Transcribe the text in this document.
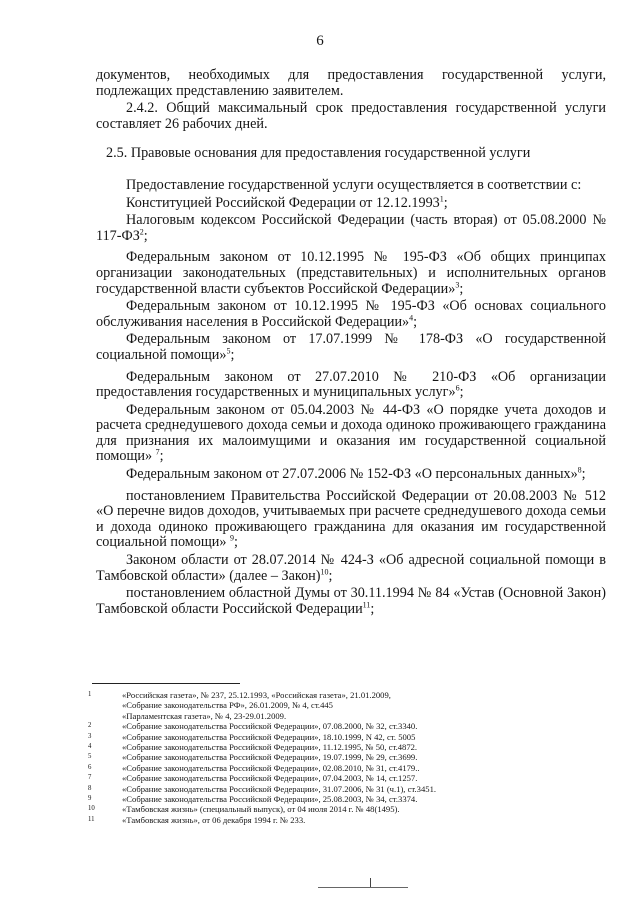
6

документов, необходимых для предоставления государственной услуги, подлежащих представлению заявителем.

2.4.2. Общий максимальный срок предоставления государственной услуги составляет 26 рабочих дней.

2.5. Правовые основания для предоставления государственной услуги

Предоставление государственной услуги осуществляется в соответствии с:

Конституцией Российской Федерации от 12.12.1993$^1$;

Налоговым кодексом Российской Федерации (часть вторая) от 05.08.2000 № $117-ФЗ^2$;

Федеральным законом от 10.12.1995 № 195-ФЗ «Об общих принципах организации законодательных (представительных) и исполнительных органов государственной власти субъектов Российской Федерации»$^3$;

Федеральным законом от 10.12.1995 № 195-ФЗ «Об основах социального обслуживания населения в Российской Федерации»$^4$;

Федеральным законом от 17.07.1999 № 178-ФЗ «О государственной социальной помощи»$^5$;

Федеральным законом от 27.07.2010 № 210-ФЗ «Об организации предоставления государственных и муниципальных услуг»$^6$;

Федеральным законом от 05.04.2003 № 44-ФЗ «О порядке учета доходов и расчета среднедушевого дохода семьи и дохода одиноко проживающего гражданина для признания их малоимущими и оказания им государственной социальной помощи» $^7$;

Федеральным законом от 27.07.2006 № 152-ФЗ «О персональных данных»$^8$;

постановлением Правительства Российской Федерации от 20.08.2003 № 512 «О перечне видов доходов, учитываемых при расчете среднедушевого дохода семьи и дохода одиноко проживающего гражданина для оказания им государственной социальной помощи» $^9$;

Законом области от 28.07.2014 № 424-З «Об адресной социальной помощи в Тамбовской области» (далее – Закон)$^{10}$;

постановлением областной Думы от 30.11.1994 № 84 «Устав (Основной Закон) Тамбовской области Российской Федерации$^{11}$;

1	«Российская газета», № 237, 25.12.1993, «Российская газета», 21.01.2009,
«Собрание законодательства РФ», 26.01.2009, № 4, ст.445
«Парламентская газета», № 4, 23-29.01.2009.
2	«Собрание законодательства Российской Федерации», 07.08.2000, № 32, ст.3340.
3	«Собрание законодательства Российской Федерации», 18.10.1999, N 42, ст. 5005
4	«Собрание законодательства Российской Федерации», 11.12.1995, № 50, ст.4872.
5	«Собрание законодательства Российской Федерации», 19.07.1999, № 29, ст.3699.
6	«Собрание законодательства Российской Федерации», 02.08.2010, № 31, ст.4179..
7	«Собрание законодательства Российской Федерации», 07.04.2003, № 14, ст.1257.
8	«Собрание законодательства Российской Федерации», 31.07.2006, № 31 (ч.1), ст.3451.
9	«Собрание законодательства Российской Федерации», 25.08.2003, № 34, ст.3374.
10	«Тамбовская жизнь» (специальный выпуск), от 04 июля 2014 г. № 48(1495).
11	«Тамбовская жизнь», от 06 декабря 1994 г. № 233.
